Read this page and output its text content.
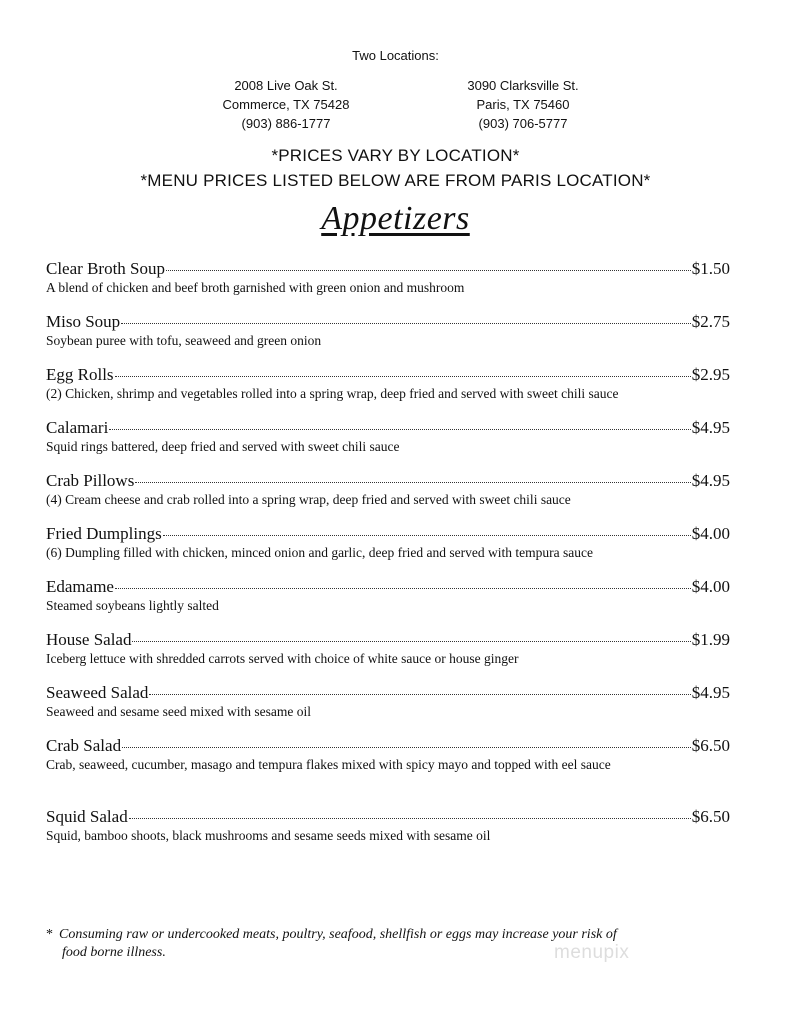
Two Locations:
2008 Live Oak St.
Commerce, TX 75428
(903) 886-1777
3090 Clarksville St.
Paris, TX 75460
(903) 706-5777
*PRICES VARY BY LOCATION*
*MENU PRICES LISTED BELOW ARE FROM PARIS LOCATION*
Appetizers
Clear Broth Soup	$1.50
A blend of chicken and beef broth garnished with green onion and mushroom
Miso Soup	$2.75
Soybean puree with tofu, seaweed and green onion
Egg Rolls	$2.95
(2) Chicken, shrimp and vegetables rolled into a spring wrap, deep fried and served with sweet chili sauce
Calamari	$4.95
Squid rings battered, deep fried and served with sweet chili sauce
Crab Pillows	$4.95
(4) Cream cheese and crab rolled into a spring wrap, deep fried and served with sweet chili sauce
Fried Dumplings	$4.00
(6) Dumpling filled with chicken, minced onion and garlic, deep fried and served with tempura sauce
Edamame	$4.00
Steamed soybeans lightly salted
House Salad	$1.99
Iceberg lettuce with shredded carrots served with choice of white sauce or house ginger
Seaweed Salad	$4.95
Seaweed and sesame seed mixed with sesame oil
Crab Salad	$6.50
Crab, seaweed, cucumber, masago and tempura flakes mixed with spicy mayo and topped with eel sauce
Squid Salad	$6.50
Squid, bamboo shoots, black mushrooms and sesame seeds mixed with sesame oil
* Consuming raw or undercooked meats, poultry, seafood, shellfish or eggs may increase your risk of
food borne illness.	menupix
